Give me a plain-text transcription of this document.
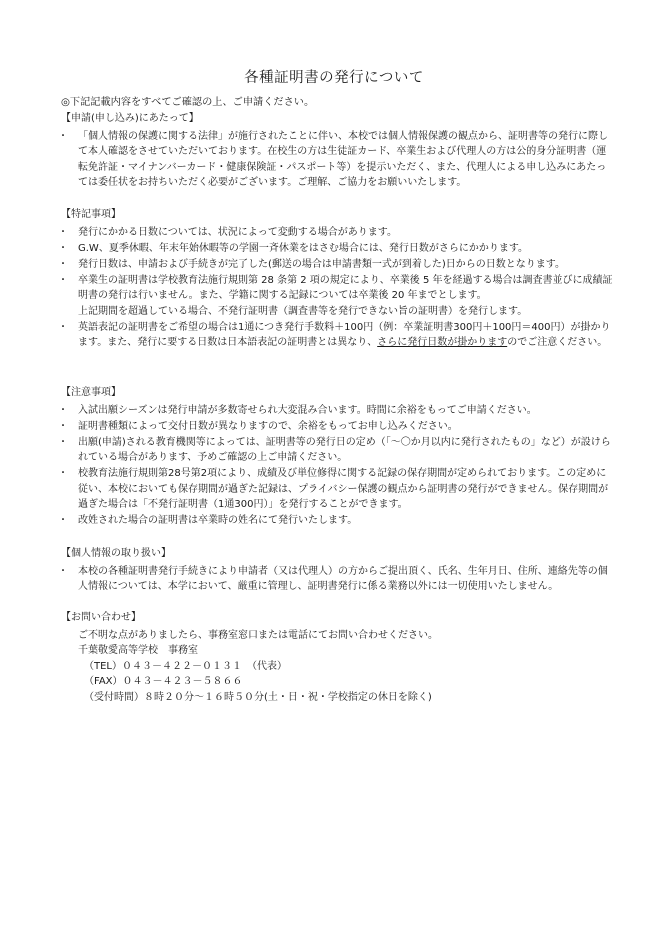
各種証明書の発行について
◎下記記載内容をすべてご確認の上、ご申請ください。
【申請(申し込み)にあたって】
・ 「個人情報の保護に関する法律」が施行されたことに伴い、本校では個人情報保護の観点から、証明書等の発行に際して本人確認をさせていただいております。在校生の方は生徒証カード、卒業生および代理人の方は公的身分証明書（運転免許証・マイナンバーカード・健康保険証・パスポート等）を提示いただく、また、代理人による申し込みにあたっては委任状をお持ちいただく必要がございます。ご理解、ご協力をお願いいたします。
【特記事項】
・ 発行にかかる日数については、状況によって変動する場合があります。
・ G.W、夏季休暇、年末年始休暇等の学園一斉休業をはさむ場合には、発行日数がさらにかかります。
・ 発行日数は、申請および手続きが完了した(郵送の場合は申請書類一式が到着した)日からの日数となります。
・ 卒業生の証明書は学校教育法施行規則第 28 条第 2 項の規定により、卒業後 5 年を経過する場合は調査書並びに成績証明書の発行は行いません。また、学籍に関する記録については卒業後 20 年までとします。
上記期間を超過している場合、不発行証明書（調査書等を発行できない旨の証明書）を発行します。
・ 英語表記の証明書をご希望の場合は1通につき発行手数料＋100円（例：卒業証明書300円＋100円＝400円）が掛かります。また、発行に要する日数は日本語表記の証明書とは異なり、さらに発行日数が掛かりますのでご注意ください。
【注意事項】
・ 入試出願シーズンは発行申請が多数寄せられ大変混み合います。時間に余裕をもってご申請ください。
・ 証明書種類によって交付日数が異なりますので、余裕をもってお申し込みください。
・ 出願(申請)される教育機関等によっては、証明書等の発行日の定め（「～〇か月以内に発行されたもの」など）が設けられている場合があります、予めご確認の上ご申請ください。
・ 校教育法施行規則第28号第2項により、成績及び単位修得に関する記録の保存期間が定められております。この定めに従い、本校においても保存期間が過ぎた記録は、プライバシー保護の観点から証明書の発行ができません。保存期間が過ぎた場合は「不発行証明書（1通300円）」を発行することができます。
・ 改姓された場合の証明書は卒業時の姓名にて発行いたします。
【個人情報の取り扱い】
・ 本校の各種証明書発行手続きにより申請者（又は代理人）の方からご提出頂く、氏名、生年月日、住所、連絡先等の個人情報については、本学において、厳重に管理し、証明書発行に係る業務以外には一切使用いたしません。
【お問い合わせ】
ご不明な点がありましたら、事務室窓口または電話にてお問い合わせください。
千葉敬愛高等学校　事務室
（TEL）０４３－４２２－０１３１　（代表）
（FAX）０４３－４２３－５８６６
（受付時間）８時２０分～１６時５０分(土・日・祝・学校指定の休日を除く)
